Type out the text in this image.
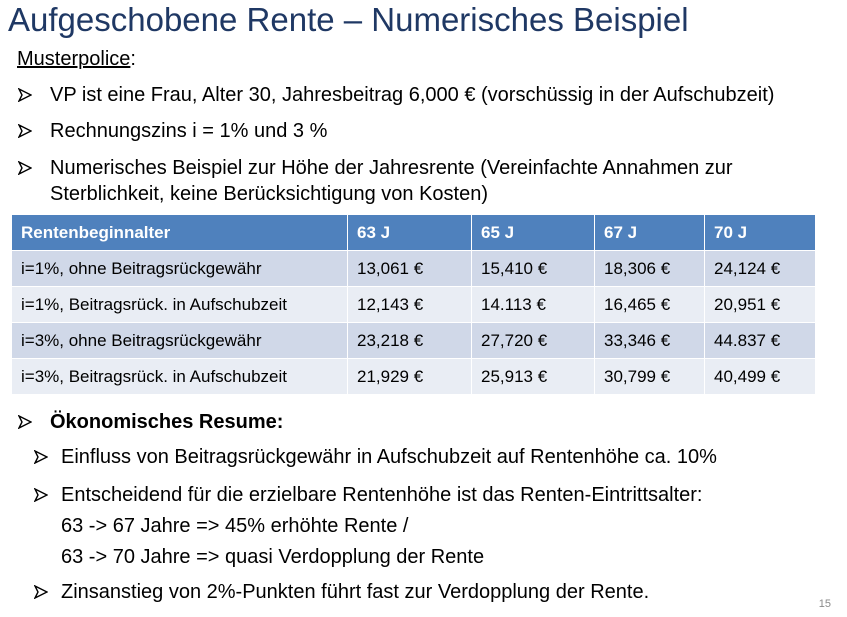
Aufgeschobene Rente – Numerisches Beispiel
Musterpolice:
VP ist eine Frau, Alter 30, Jahresbeitrag 6,000 € (vorschüssig in der Aufschubzeit)
Rechnungszins i = 1% und 3 %
Numerisches Beispiel zur Höhe der Jahresrente (Vereinfachte Annahmen zur
Sterblichkeit, keine Berücksichtigung von Kosten)
Rentenbeginnalter	63 J	65 J	67 J	70 J
i=1%, ohne Beitragsrückgewähr	13,061 €	15,410 €	18,306 €	24,124 €
i=1%, Beitragsrück. in Aufschubzeit	12,143 €	14.113 €	16,465 €	20,951 €
i=3%, ohne Beitragsrückgewähr	23,218 €	27,720 €	33,346 €	44.837 €
i=3%, Beitragsrück. in Aufschubzeit	21,929 €	25,913 €	30,799 €	40,499 €
Ökonomisches Resume:
Einfluss von Beitragsrückgewähr in Aufschubzeit auf Rentenhöhe ca. 10%
Entscheidend für die erzielbare Rentenhöhe ist das Renten-Eintrittsalter:
63 -> 67 Jahre => 45% erhöhte Rente /
63 -> 70 Jahre => quasi Verdopplung der Rente
Zinsanstieg von 2%-Punkten führt fast zur Verdopplung der Rente.
15
